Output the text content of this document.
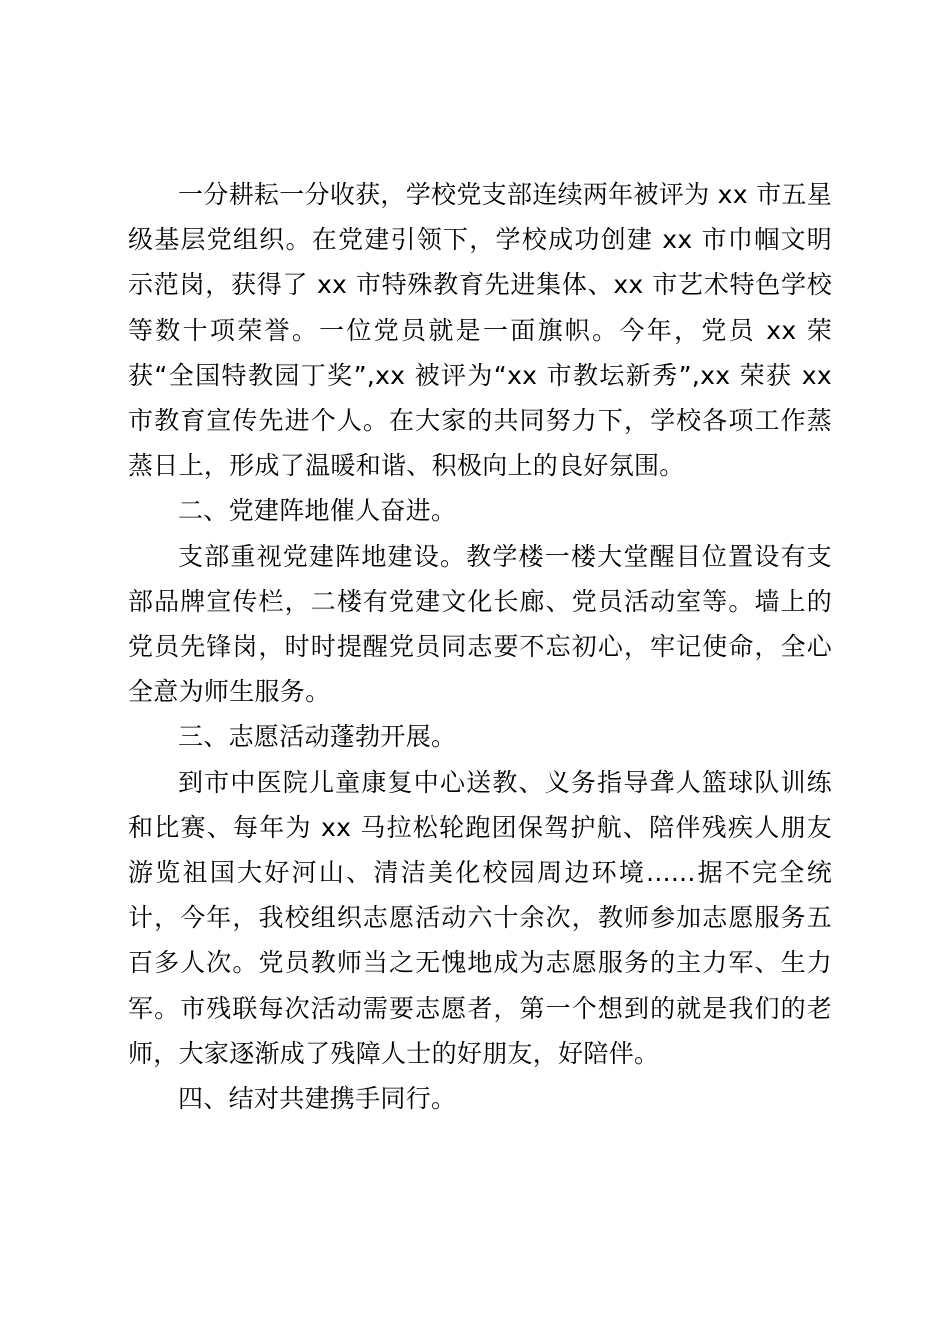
一分耕耘一分收获，学校党支部连续两年被评为 xx 市五星级基层党组织。在党建引领下，学校成功创建 xx 市巾帼文明示范岗，获得了 xx 市特殊教育先进集体、xx 市艺术特色学校等数十项荣誉。一位党员就是一面旗帜。今年，党员 xx 荣获“全国特教园丁奖”,xx 被评为“xx 市教坛新秀”,xx 荣获 xx 市教育宣传先进个人。在大家的共同努力下，学校各项工作蒸蒸日上，形成了温暖和谐、积极向上的良好氛围。

二、党建阵地催人奋进。

支部重视党建阵地建设。教学楼一楼大堂醒目位置设有支部品牌宣传栏，二楼有党建文化长廊、党员活动室等。墙上的党员先锋岗，时时提醒党员同志要不忘初心，牢记使命，全心全意为师生服务。

三、志愿活动蓬勃开展。

到市中医院儿童康复中心送教、义务指导聋人篮球队训练和比赛、每年为 xx 马拉松轮跑团保驾护航、陪伴残疾人朋友游览祖国大好河山、清洁美化校园周边环境......据不完全统计，今年，我校组织志愿活动六十余次，教师参加志愿服务五百多人次。党员教师当之无愧地成为志愿服务的主力军、生力军。市残联每次活动需要志愿者，第一个想到的就是我们的老师，大家逐渐成了残障人士的好朋友，好陪伴。

四、结对共建携手同行。
